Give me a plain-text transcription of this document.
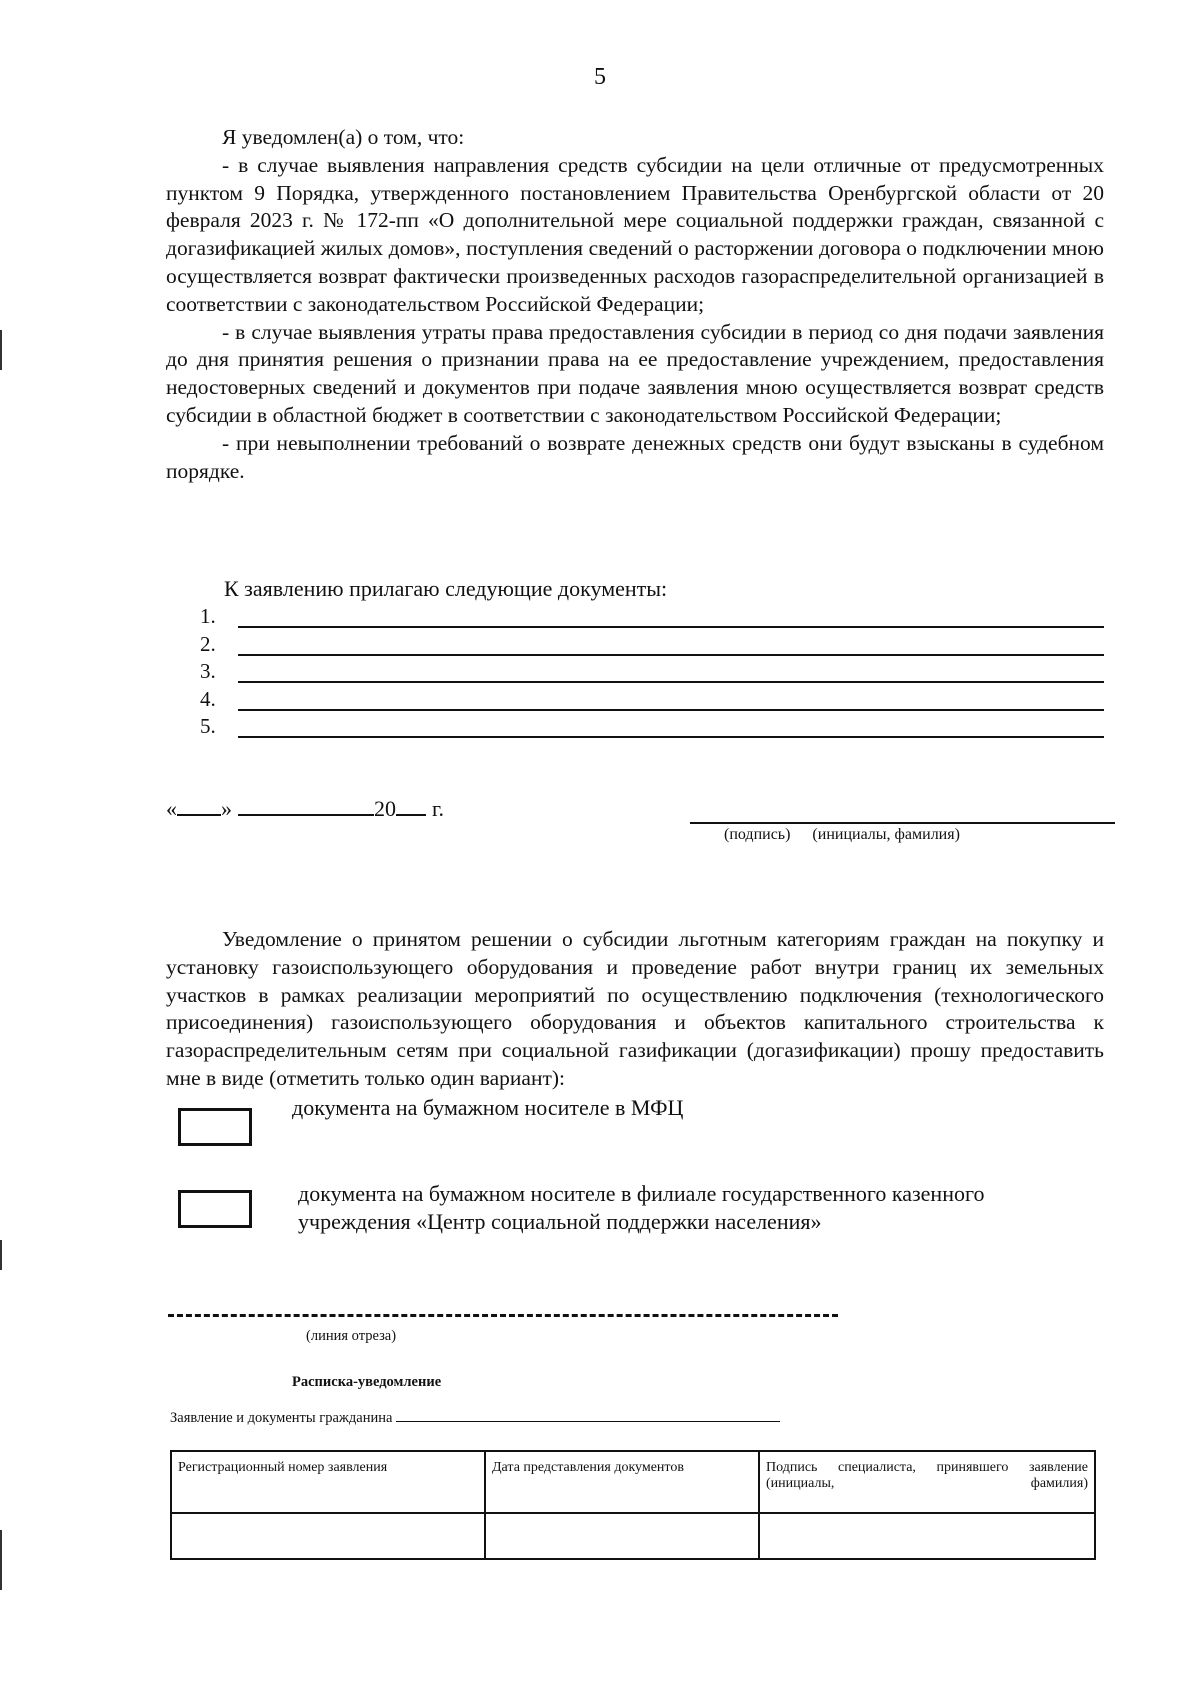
5

Я уведомлен(а) о том, что:

- в случае выявления направления средств субсидии на цели отличные от предусмотренных пунктом 9 Порядка, утвержденного постановлением Правительства Оренбургской области от 20 февраля 2023 г. № 172-пп «О дополнительной мере социальной поддержки граждан, связанной с догазификацией жилых домов», поступления сведений о расторжении договора о подключении мною осуществляется возврат фактически произведенных расходов газораспределительной организацией в соответствии с законодательством Российской Федерации;

- в случае выявления утраты права предоставления субсидии в период со дня подачи заявления до дня принятия решения о признании права на ее предоставление учреждением, предоставления недостоверных сведений и документов при подаче заявления мною осуществляется возврат средств субсидии в областной бюджет в соответствии с законодательством Российской Федерации;

- при невыполнении требований о возврате денежных средств они будут взысканы в судебном порядке.

К заявлению прилагаю следующие документы:
1.
2.
3.
4.
5.
« »	20 г.
(подпись) (инициалы, фамилия)

Уведомление о принятом решении о субсидии льготным категориям граждан на покупку и установку газоиспользующего оборудования и проведение работ внутри границ их земельных участков в рамках реализации мероприятий по осуществлению подключения (технологического присоединения) газоиспользующего оборудования и объектов капитального строительства к газораспределительным сетям при социальной газификации (догазификации) прошу предоставить мне в виде (отметить только один вариант):

документа на бумажном носителе в МФЦ
документа на бумажном носителе в филиале государственного казенного учреждения «Центр социальной поддержки населения»
(линия отреза)
Расписка-уведомление
Заявление и документы гражданина
Регистрационный номер заявления	Дата представления документов	Подпись специалиста, принявшего заявление (инициалы, фамилия)
